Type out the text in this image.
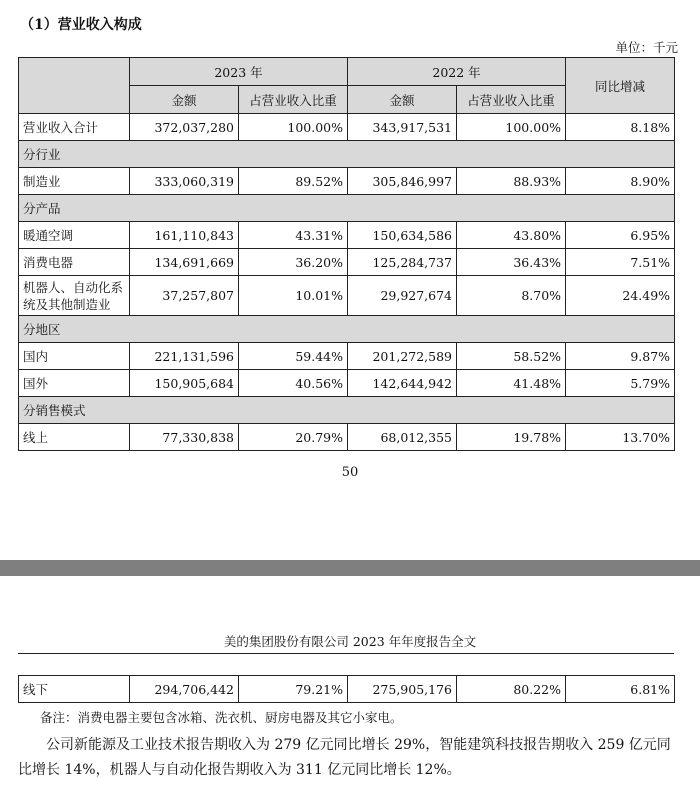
（1）营业收入构成
单位：千元
	2023 年		2022 年		同比增减
	金额	占营业收入比重	金额	占营业收入比重	
营业收入合计	372,037,280	100.00%	343,917,531	100.00%	8.18%
分行业					
制造业	333,060,319	89.52%	305,846,997	88.93%	8.90%
分产品					
暖通空调	161,110,843	43.31%	150,634,586	43.80%	6.95%
消费电器	134,691,669	36.20%	125,284,737	36.43%	7.51%
机器人、自动化系
统及其他制造业	37,257,807	10.01%	29,927,674	8.70%	24.49%
分地区					
国内	221,131,596	59.44%	201,272,589	58.52%	9.87%
国外	150,905,684	40.56%	142,644,942	41.48%	5.79%
分销售模式					
线上	77,330,838	20.79%	68,012,355	19.78%	13.70%
50
美的集团股份有限公司 2023 年年度报告全文
线下	294,706,442	79.21%	275,905,176	80.22%	6.81%
备注：消费电器主要包含冰箱、洗衣机、厨房电器及其它小家电。
公司新能源及工业技术报告期收入为 279 亿元同比增长 29%，智能建筑科技报告期收入 259 亿元同比增长 14%，机器人与自动化报告期收入为 311 亿元同比增长 12%。
